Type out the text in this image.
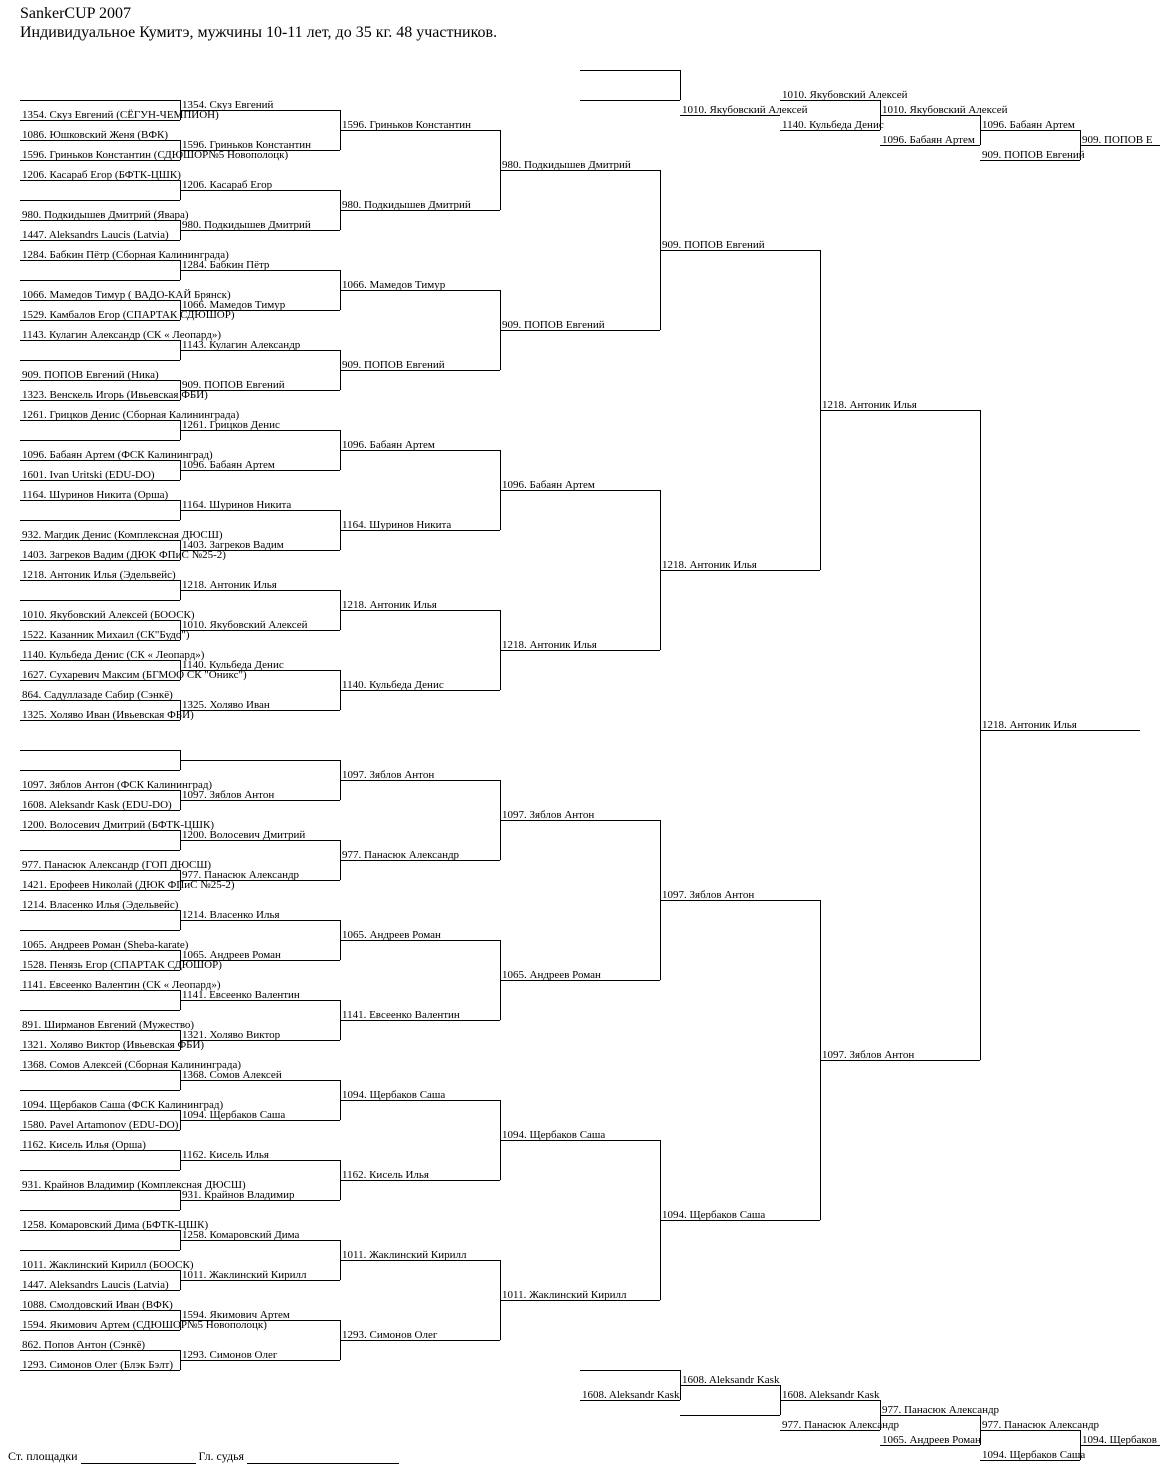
SankerCUP 2007
Индивидуальное Кумитэ, мужчины 10-11 лет, до 35 кг. 48 участников.
Ст. площадки	Гл. судья
1354. Скуз Евгений (СЁГУН-ЧЕМПИОН)
1086. Юшковский Женя (ВФК)
1596. Гриньков Константин (СДЮШОР№5 Новополоцк)
1206. Касараб Егор (БФТК-ЦШК)
980. Подкидышев Дмитрий (Явара)
1447. Aleksandrs Laucis (Latvia)
1284. Бабкин Пётр (Сборная Калининграда)
1066. Мамедов Тимур ( ВАДО-КАЙ Брянск)
1529. Камбалов Егор (СПАРТАК СДЮШОР)
1143. Кулагин Александр (СК « Леопард»)
909. ПОПОВ Евгений (Ника)
1323. Венскель Игорь (Ивьевская ФБИ)
1261. Грицков Денис (Сборная Калининграда)
1096. Бабаян Артем (ФСК Калининград)
1601. Ivan Uritski (EDU-DO)
1164. Шуринов Никита (Орша)
932. Магдик Денис (Комплексная ДЮСШ)
1403. Загреков Вадим (ДЮК ФПиС №25-2)
1218. Антоник Илья (Эдельвейс)
1010. Якубовский Алексей (БООСК)
1522. Казанник Михаил (СК"Будо")
1140. Кульбеда Денис (СК « Леопард»)
1627. Сухаревич Максим (БГМОО СК "Оникс")
864. Садуллазаде Сабир (Сэнкё)
1325. Холяво Иван (Ивьевская ФБИ)
1097. Зяблов Антон (ФСК Калининград)
1608. Aleksandr Kask (EDU-DO)
1200. Волосевич Дмитрий (БФТК-ЦШК)
977. Панасюк Александр (ГОП ДЮСШ)
1421. Ерофеев Николай (ДЮК ФПиС №25-2)
1214. Власенко Илья (Эдельвейс)
1065. Андреев Роман (Sheba-karate)
1528. Пенязь Егор (СПАРТАК СДЮШОР)
1141. Евсеенко Валентин (СК « Леопард»)
891. Ширманов Евгений (Мужество)
1321. Холяво Виктор (Ивьевская ФБИ)
1368. Сомов Алексей (Сборная Калининграда)
1094. Щербаков Саша (ФСК Калининград)
1580. Pavel Artamonov (EDU-DO)
1162. Кисель Илья (Орша)
931. Крайнов Владимир (Комплексная ДЮСШ)
1258. Комаровский Дима (БФТК-ЦШК)
1011. Жаклинский Кирилл (БООСК)
1447. Aleksandrs Laucis (Latvia)
1088. Смолдовский Иван (ВФК)
1594. Якимович Артем (СДЮШОР№5 Новополоцк)
862. Попов Антон (Сэнкё)
1293. Симонов Олег (Блэк Бэлт)
1354. Скуз Евгений
1596. Гриньков Константин
1206. Касараб Егор
980. Подкидышев Дмитрий
1284. Бабкин Пётр
1066. Мамедов Тимур
1143. Кулагин Александр
909. ПОПОВ Евгений
1261. Грицков Денис
1096. Бабаян Артем
1164. Шуринов Никита
1403. Загреков Вадим
1218. Антоник Илья
1010. Якубовский Алексей
1140. Кульбеда Денис
1325. Холяво Иван
1097. Зяблов Антон
1200. Волосевич Дмитрий
977. Панасюк Александр
1214. Власенко Илья
1065. Андреев Роман
1141. Евсеенко Валентин
1321. Холяво Виктор
1368. Сомов Алексей
1094. Щербаков Саша
1162. Кисель Илья
931. Крайнов Владимир
1258. Комаровский Дима
1011. Жаклинский Кирилл
1594. Якимович Артем
1293. Симонов Олег
1596. Гриньков Константин
980. Подкидышев Дмитрий
1066. Мамедов Тимур
909. ПОПОВ Евгений
1096. Бабаян Артем
1164. Шуринов Никита
1218. Антоник Илья
1140. Кульбеда Денис
1097. Зяблов Антон
977. Панасюк Александр
1065. Андреев Роман
1141. Евсеенко Валентин
1094. Щербаков Саша
1162. Кисель Илья
1011. Жаклинский Кирилл
1293. Симонов Олег
980. Подкидышев Дмитрий
909. ПОПОВ Евгений
1096. Бабаян Артем
1218. Антоник Илья
1097. Зяблов Антон
1065. Андреев Роман
1094. Щербаков Саша
1011. Жаклинский Кирилл
909. ПОПОВ Евгений
1218. Антоник Илья
1097. Зяблов Антон
1094. Щербаков Саша
1218. Антоник Илья
1097. Зяблов Антон
1218. Антоник Илья
1010. Якубовский Алексей
1010. Якубовский Алексей
1140. Кульбеда Денис
1010. Якубовский Алексей
1096. Бабаян Артем
1096. Бабаян Артем
909. ПОПОВ Евгений
909. ПОПОВ Е
1608. Aleksandr Kask
1608. Aleksandr Kask
1608. Aleksandr Kask
977. Панасюк Александр
977. Панасюк Александр
1065. Андреев Роман
977. Панасюк Александр
1094. Щербаков Саша
1094. Щербаков
